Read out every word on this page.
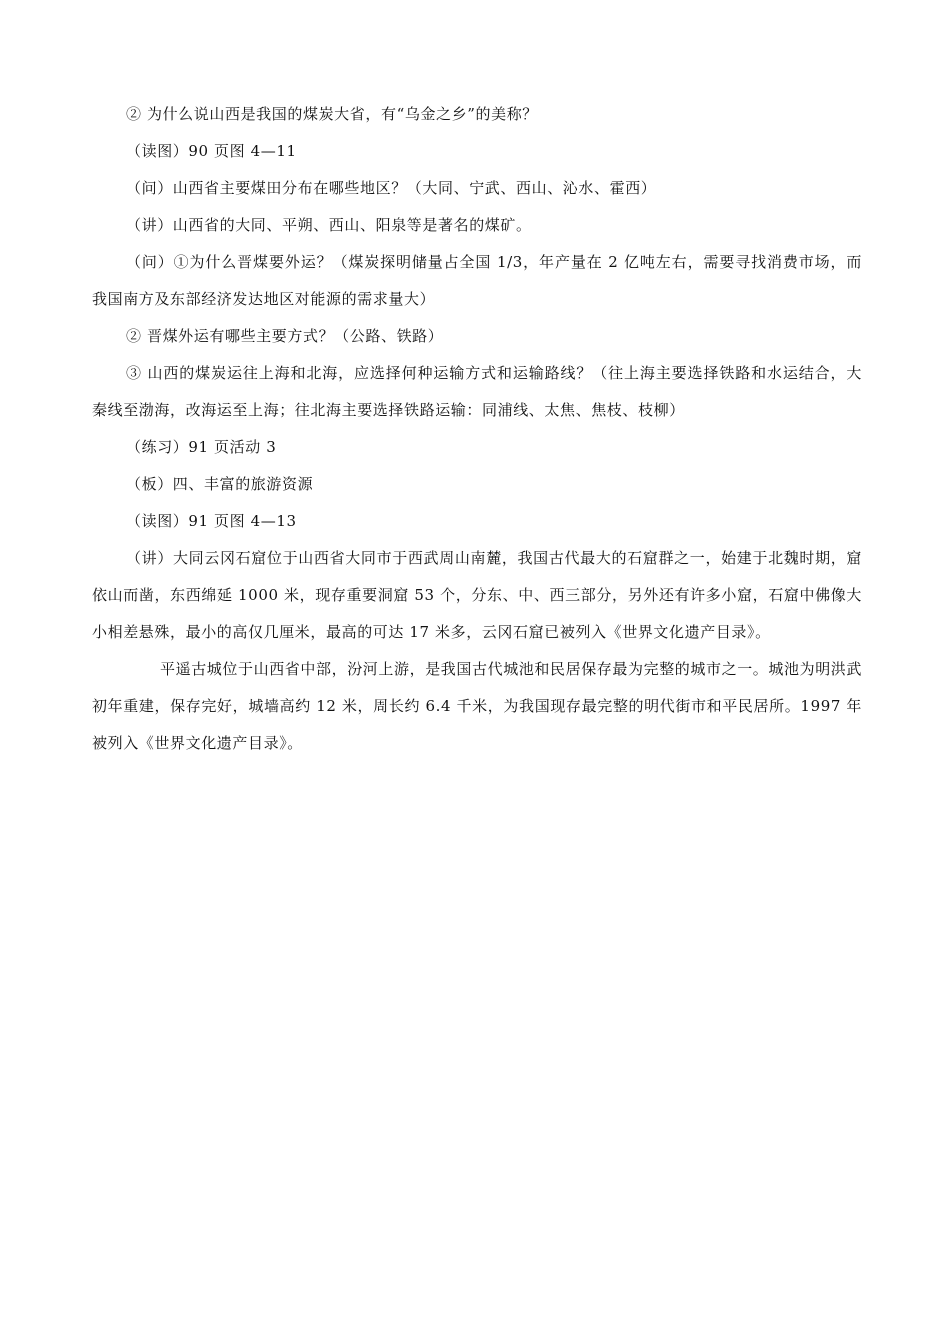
② 为什么说山西是我国的煤炭大省，有“乌金之乡”的美称？

（读图）90 页图 4—11

（问）山西省主要煤田分布在哪些地区？（大同、宁武、西山、沁水、霍西）

（讲）山西省的大同、平朔、西山、阳泉等是著名的煤矿。

（问）①为什么晋煤要外运？（煤炭探明储量占全国 1/3，年产量在 2 亿吨左右，需要寻找消费市场，而我国南方及东部经济发达地区对能源的需求量大）

② 晋煤外运有哪些主要方式？（公路、铁路）

③ 山西的煤炭运往上海和北海，应选择何种运输方式和运输路线？（往上海主要选择铁路和水运结合，大秦线至渤海，改海运至上海；往北海主要选择铁路运输：同浦线、太焦、焦枝、枝柳）

（练习）91 页活动 3

（板）四、丰富的旅游资源

（读图）91 页图 4—13

（讲）大同云冈石窟位于山西省大同市于西武周山南麓，我国古代最大的石窟群之一，始建于北魏时期，窟依山而凿，东西绵延 1000 米，现存重要洞窟 53 个，分东、中、西三部分，另外还有许多小窟，石窟中佛像大小相差悬殊，最小的高仅几厘米，最高的可达 17 米多，云冈石窟已被列入《世界文化遗产目录》。

平遥古城位于山西省中部，汾河上游，是我国古代城池和民居保存最为完整的城市之一。城池为明洪武初年重建，保存完好，城墙高约 12 米，周长约 6.4 千米，为我国现存最完整的明代街市和平民居所。1997 年被列入《世界文化遗产目录》。
